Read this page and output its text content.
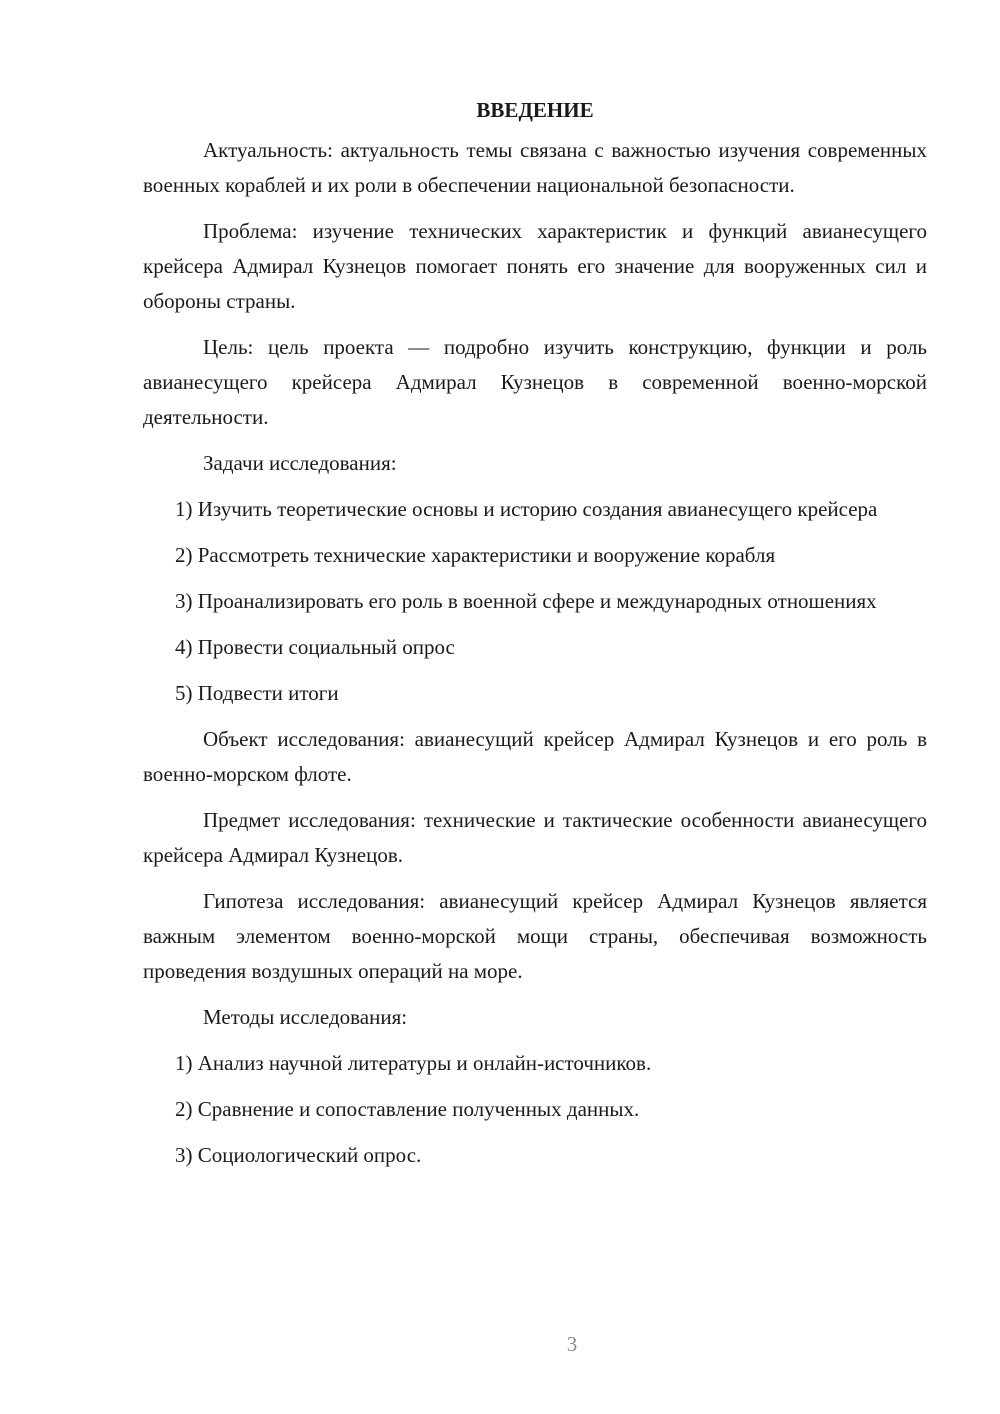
ВВЕДЕНИЕ

Актуальность: актуальность темы связана с важностью изучения современных военных кораблей и их роли в обеспечении национальной безопасности.

Проблема: изучение технических характеристик и функций авианесущего крейсера Адмирал Кузнецов помогает понять его значение для вооруженных сил и обороны страны.

Цель: цель проекта — подробно изучить конструкцию, функции и роль авианесущего крейсера Адмирал Кузнецов в современной военно-морской деятельности.

Задачи исследования:

1) Изучить теоретические основы и историю создания авианесущего крейсера

2) Рассмотреть технические характеристики и вооружение корабля

3) Проанализировать его роль в военной сфере и международных отношениях

4) Провести социальный опрос

5) Подвести итоги

Объект исследования: авианесущий крейсер Адмирал Кузнецов и его роль в военно-морском флоте.

Предмет исследования: технические и тактические особенности авианесущего крейсера Адмирал Кузнецов.

Гипотеза исследования: авианесущий крейсер Адмирал Кузнецов является важным элементом военно-морской мощи страны, обеспечивая возможность проведения воздушных операций на море.

Методы исследования:

1) Анализ научной литературы и онлайн-источников.

2) Сравнение и сопоставление полученных данных.

3) Социологический опрос.

3
